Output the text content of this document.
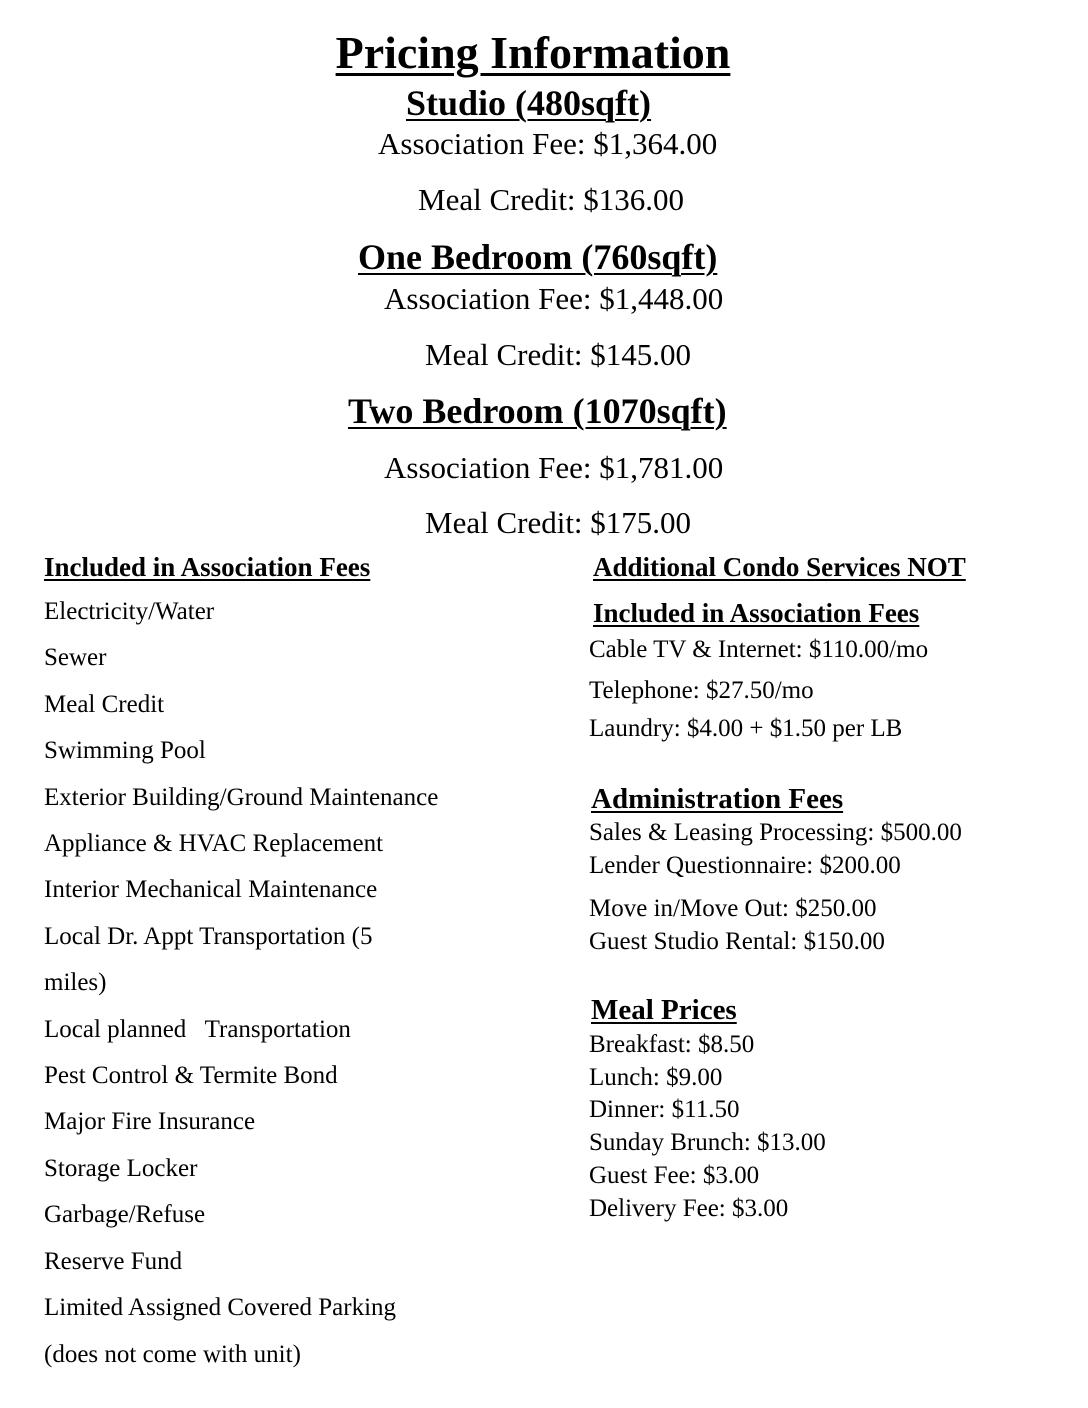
Pricing Information
Studio (480sqft)
Association Fee: $1,364.00
Meal Credit: $136.00
One Bedroom (760sqft)
Association Fee: $1,448.00
Meal Credit: $145.00
Two Bedroom (1070sqft)
Association Fee: $1,781.00
Meal Credit: $175.00
Included in Association Fees
Electricity/Water
Sewer
Meal Credit
Swimming Pool
Exterior Building/Ground Maintenance
Appliance & HVAC Replacement
Interior Mechanical Maintenance
Local Dr. Appt Transportation (5
miles)
Local planned   Transportation
Pest Control & Termite Bond
Major Fire Insurance
Storage Locker
Garbage/Refuse
Reserve Fund
Limited Assigned Covered Parking
(does not come with unit)
Additional Condo Services NOT
Included in Association Fees
Cable TV & Internet: $110.00/mo
Telephone: $27.50/mo
Laundry: $4.00 + $1.50 per LB
Administration Fees
Sales & Leasing Processing: $500.00
Lender Questionnaire: $200.00
Move in/Move Out: $250.00
Guest Studio Rental: $150.00
Meal Prices
Breakfast: $8.50
Lunch: $9.00
Dinner: $11.50
Sunday Brunch: $13.00
Guest Fee: $3.00
Delivery Fee: $3.00
